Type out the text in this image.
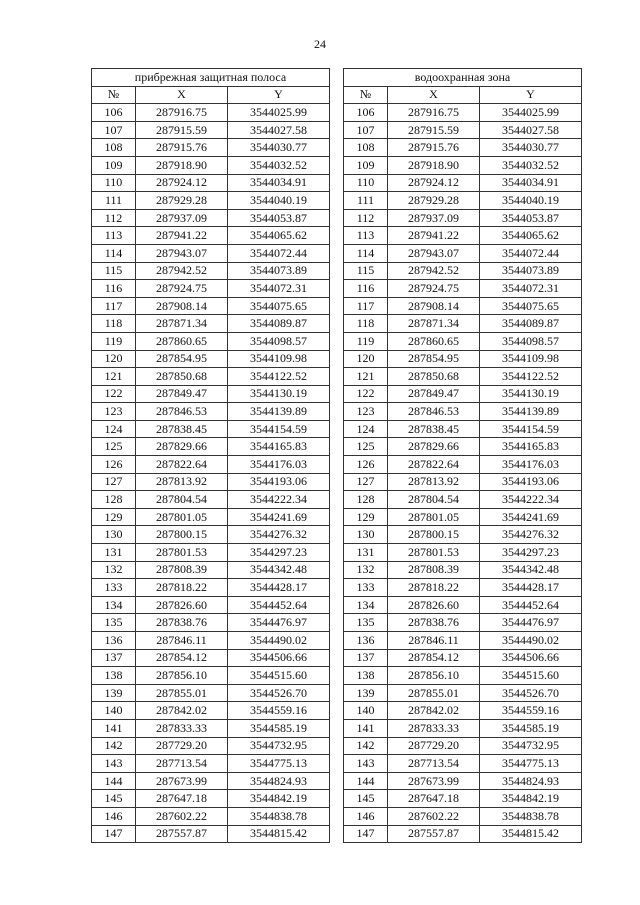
24
прибрежная защитная полоса		
№	X	Y
106	287916.75	3544025.99
107	287915.59	3544027.58
108	287915.76	3544030.77
109	287918.90	3544032.52
110	287924.12	3544034.91
111	287929.28	3544040.19
112	287937.09	3544053.87
113	287941.22	3544065.62
114	287943.07	3544072.44
115	287942.52	3544073.89
116	287924.75	3544072.31
117	287908.14	3544075.65
118	287871.34	3544089.87
119	287860.65	3544098.57
120	287854.95	3544109.98
121	287850.68	3544122.52
122	287849.47	3544130.19
123	287846.53	3544139.89
124	287838.45	3544154.59
125	287829.66	3544165.83
126	287822.64	3544176.03
127	287813.92	3544193.06
128	287804.54	3544222.34
129	287801.05	3544241.69
130	287800.15	3544276.32
131	287801.53	3544297.23
132	287808.39	3544342.48
133	287818.22	3544428.17
134	287826.60	3544452.64
135	287838.76	3544476.97
136	287846.11	3544490.02
137	287854.12	3544506.66
138	287856.10	3544515.60
139	287855.01	3544526.70
140	287842.02	3544559.16
141	287833.33	3544585.19
142	287729.20	3544732.95
143	287713.54	3544775.13
144	287673.99	3544824.93
145	287647.18	3544842.19
146	287602.22	3544838.78
147	287557.87	3544815.42
водоохранная зона		
№	X	Y
106	287916.75	3544025.99
107	287915.59	3544027.58
108	287915.76	3544030.77
109	287918.90	3544032.52
110	287924.12	3544034.91
111	287929.28	3544040.19
112	287937.09	3544053.87
113	287941.22	3544065.62
114	287943.07	3544072.44
115	287942.52	3544073.89
116	287924.75	3544072.31
117	287908.14	3544075.65
118	287871.34	3544089.87
119	287860.65	3544098.57
120	287854.95	3544109.98
121	287850.68	3544122.52
122	287849.47	3544130.19
123	287846.53	3544139.89
124	287838.45	3544154.59
125	287829.66	3544165.83
126	287822.64	3544176.03
127	287813.92	3544193.06
128	287804.54	3544222.34
129	287801.05	3544241.69
130	287800.15	3544276.32
131	287801.53	3544297.23
132	287808.39	3544342.48
133	287818.22	3544428.17
134	287826.60	3544452.64
135	287838.76	3544476.97
136	287846.11	3544490.02
137	287854.12	3544506.66
138	287856.10	3544515.60
139	287855.01	3544526.70
140	287842.02	3544559.16
141	287833.33	3544585.19
142	287729.20	3544732.95
143	287713.54	3544775.13
144	287673.99	3544824.93
145	287647.18	3544842.19
146	287602.22	3544838.78
147	287557.87	3544815.42
